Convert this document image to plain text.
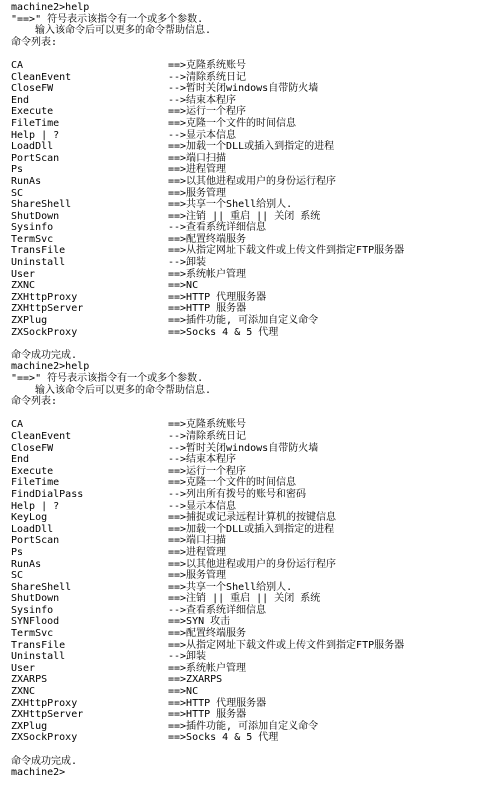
machine2>help
"==>" 符号表示该指令有一个或多个参数.
输入该命令后可以更多的命令帮助信息.
命令列表:
CA	==>克隆系统账号
CleanEvent	-->清除系统日记
CloseFW	-->暂时关闭windows自带防火墙
End	-->结束本程序
Execute	==>运行一个程序
FileTime	==>克隆一个文件的时间信息
Help | ?	-->显示本信息
LoadDll	==>加载一个DLL或插入到指定的进程
PortScan	==>端口扫描
Ps	==>进程管理
RunAs	==>以其他进程或用户的身份运行程序
SC	==>服务管理
ShareShell	==>共享一个Shell给别人.
ShutDown	==>注销 || 重启 || 关闭 系统
Sysinfo	-->查看系统详细信息
TermSvc	==>配置终端服务
TransFile	==>从指定网址下载文件或上传文件到指定FTP服务器
Uninstall	-->卸装
User	==>系统帐户管理
ZXNC	==>NC
ZXHttpProxy	==>HTTP 代理服务器
ZXHttpServer	==>HTTP 服务器
ZXPlug	==>插件功能, 可添加自定义命令
ZXSockProxy	==>Socks 4 & 5 代理
命令成功完成.
machine2>help
"==>" 符号表示该指令有一个或多个参数.
输入该命令后可以更多的命令帮助信息.
命令列表:
CA	==>克隆系统账号
CleanEvent	-->清除系统日记
CloseFW	-->暂时关闭windows自带防火墙
End	-->结束本程序
Execute	==>运行一个程序
FileTime	==>克隆一个文件的时间信息
FindDialPass	-->列出所有拨号的账号和密码
Help | ?	-->显示本信息
KeyLog	==>捕捉或记录远程计算机的按键信息
LoadDll	==>加载一个DLL或插入到指定的进程
PortScan	==>端口扫描
Ps	==>进程管理
RunAs	==>以其他进程或用户的身份运行程序
SC	==>服务管理
ShareShell	==>共享一个Shell给别人.
ShutDown	==>注销 || 重启 || 关闭 系统
Sysinfo	-->查看系统详细信息
SYNFlood	==>SYN 攻击
TermSvc	==>配置终端服务
TransFile	==>从指定网址下载文件或上传文件到指定FTP服务器
Uninstall	-->卸装
User	==>系统帐户管理
ZXARPS	==>ZXARPS
ZXNC	==>NC
ZXHttpProxy	==>HTTP 代理服务器
ZXHttpServer	==>HTTP 服务器
ZXPlug	==>插件功能, 可添加自定义命令
ZXSockProxy	==>Socks 4 & 5 代理
命令成功完成.
machine2>
